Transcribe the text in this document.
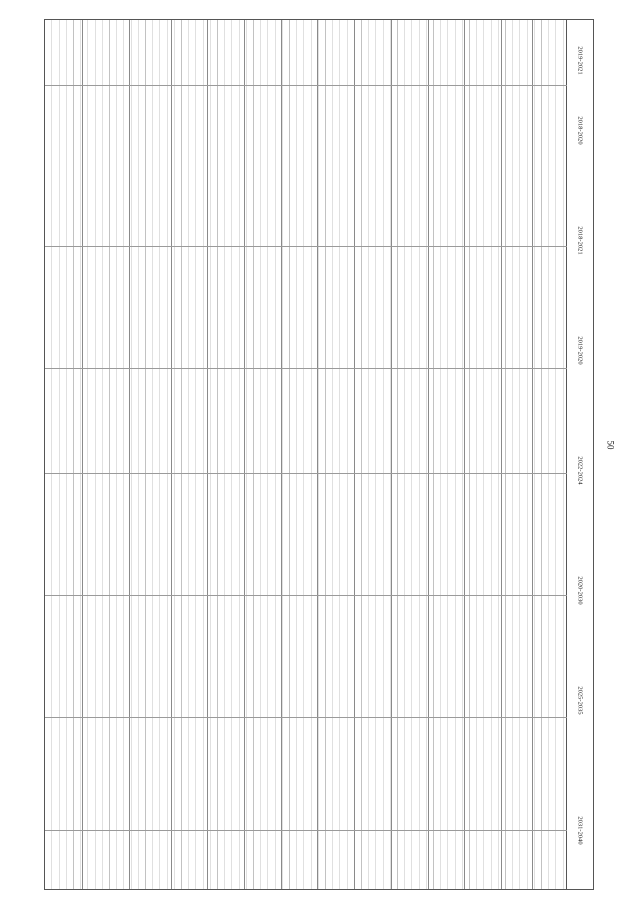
2019-2021
2018-2020
2018-2021
2019-2020
2022-2024
2020-2030
2025-2035
2031-2040
50
